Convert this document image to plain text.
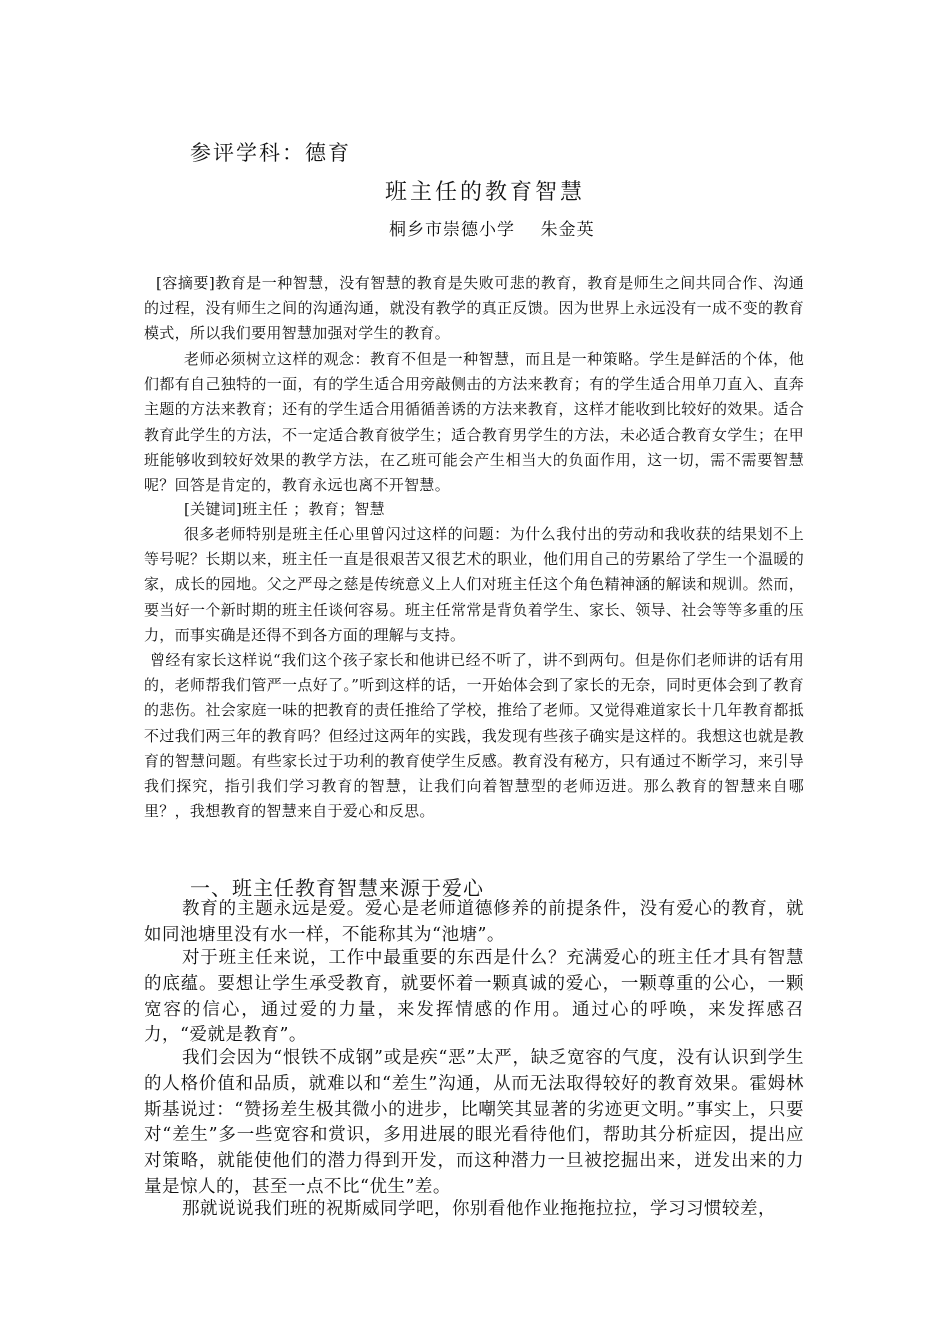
参评学科：德育
班主任的教育智慧
桐乡市崇德小学    朱金英
[容摘要]教育是一种智慧，没有智慧的教育是失败可悲的教育，教育是师生之间共同合作、沟通的过程，没有师生之间的沟通沟通，就没有教学的真正反馈。因为世界上永远没有一成不变的教育模式，所以我们要用智慧加强对学生的教育。
老师必须树立这样的观念：教育不但是一种智慧，而且是一种策略。学生是鲜活的个体，他们都有自己独特的一面，有的学生适合用旁敲侧击的方法来教育；有的学生适合用单刀直入、直奔主题的方法来教育；还有的学生适合用循循善诱的方法来教育，这样才能收到比较好的效果。适合教育此学生的方法，不一定适合教育彼学生；适合教育男学生的方法，未必适合教育女学生；在甲班能够收到较好效果的教学方法，在乙班可能会产生相当大的负面作用，这一切，需不需要智慧呢？回答是肯定的，教育永远也离不开智慧。
[关键词]班主任 ；教育；智慧
很多老师特别是班主任心里曾闪过这样的问题：为什么我付出的劳动和我收获的结果划不上等号呢？长期以来，班主任一直是很艰苦又很艺术的职业，他们用自己的劳累给了学生一个温暖的家，成长的园地。父之严母之慈是传统意义上人们对班主任这个角色精神涵的解读和规训。然而，要当好一个新时期的班主任谈何容易。班主任常常是背负着学生、家长、领导、社会等等多重的压力，而事实确是还得不到各方面的理解与支持。
曾经有家长这样说“我们这个孩子家长和他讲已经不听了，讲不到两句。但是你们老师讲的话有用的，老师帮我们管严一点好了。”听到这样的话，一开始体会到了家长的无奈，同时更体会到了教育的悲伤。社会家庭一味的把教育的责任推给了学校，推给了老师。又觉得难道家长十几年教育都抵不过我们两三年的教育吗？但经过这两年的实践，我发现有些孩子确实是这样的。我想这也就是教育的智慧问题。有些家长过于功利的教育使学生反感。教育没有秘方，只有通过不断学习，来引导我们探究，指引我们学习教育的智慧，让我们向着智慧型的老师迈进。那么教育的智慧来自哪里？，我想教育的智慧来自于爱心和反思。
一、班主任教育智慧来源于爱心
教育的主题永远是爱。爱心是老师道德修养的前提条件，没有爱心的教育，就如同池塘里没有水一样，不能称其为“池塘”。
对于班主任来说，工作中最重要的东西是什么？充满爱心的班主任才具有智慧的底蕴。要想让学生承受教育，就要怀着一颗真诚的爱心，一颗尊重的公心，一颗宽容的信心，通过爱的力量，来发挥情感的作用。通过心的呼唤，来发挥感召力，“爱就是教育”。
我们会因为“恨铁不成钢”或是疾“恶”太严，缺乏宽容的气度，没有认识到学生的人格价值和品质，就难以和“差生”沟通，从而无法取得较好的教育效果。霍姆林斯基说过：“赞扬差生极其微小的进步，比嘲笑其显著的劣迹更文明。”事实上，只要对“差生”多一些宽容和赏识，多用进展的眼光看待他们，帮助其分析症因，提出应对策略，就能使他们的潜力得到开发，而这种潜力一旦被挖掘出来，迸发出来的力量是惊人的，甚至一点不比“优生”差。
那就说说我们班的祝斯威同学吧，你别看他作业拖拖拉拉，学习习惯较差，
